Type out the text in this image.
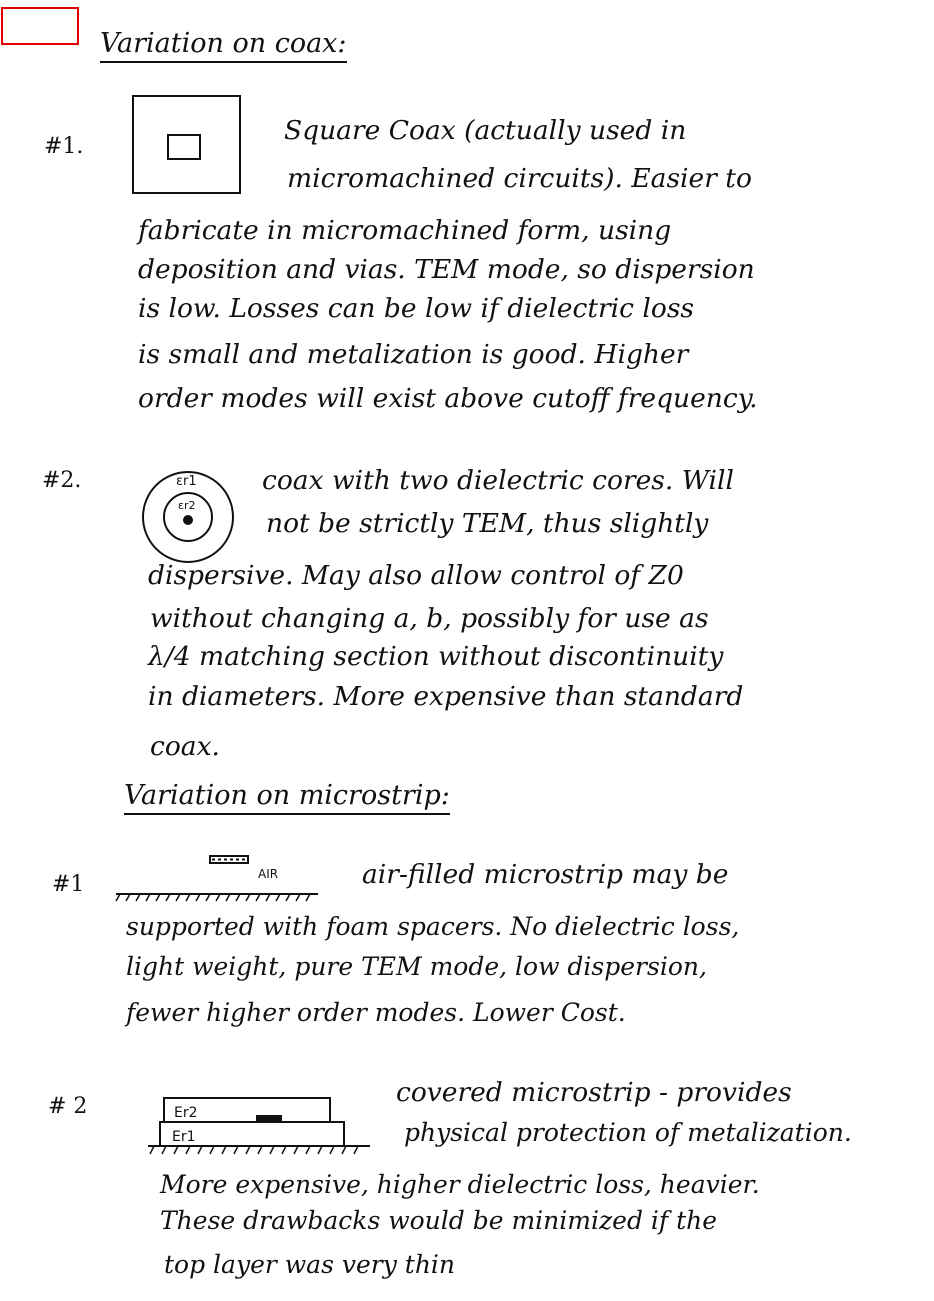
Variation on coax:
#1.
Square Coax (actually used in
micromachined circuits). Easier to
fabricate in micromachined form, using
deposition and vias. TEM mode, so dispersion
is low. Losses can be low if dielectric loss
is small and metalization is good. Higher
order modes will exist above cutoff frequency.
#2.	εr1
εr2
coax with two dielectric cores. Will
not be strictly TEM, thus slightly
dispersive. May also allow control of Z0
without changing a, b, possibly for use as
λ/4 matching section without discontinuity
in diameters. More expensive than standard
coax.
Variation on microstrip:
#1	AIR	air-filled microstrip may be
supported with foam spacers. No dielectric loss,
light weight, pure TEM mode, low dispersion,
fewer higher order modes. Lower Cost.
# 2	Er2
Er1
covered microstrip - provides
physical protection of metalization.
More expensive, higher dielectric loss, heavier.
These drawbacks would be minimized if the
top layer was very thin
